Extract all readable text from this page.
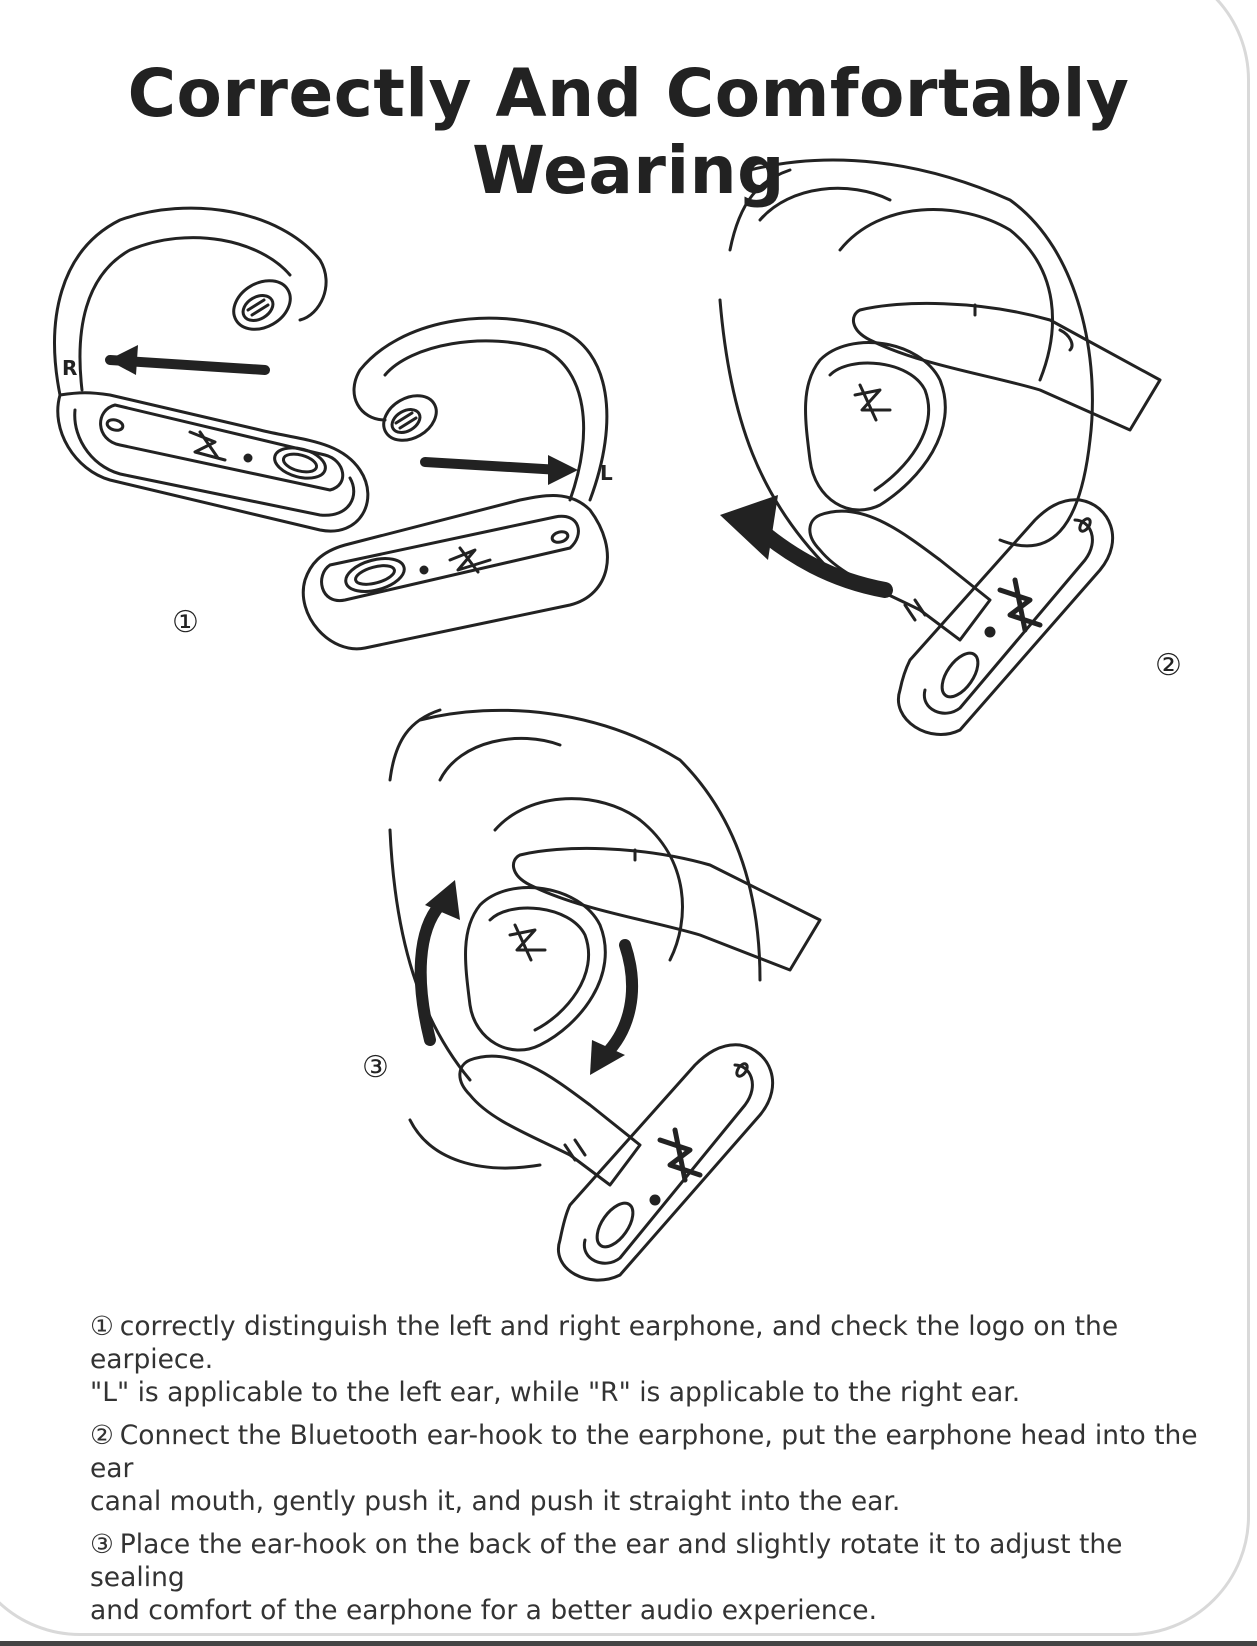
Correctly And Comfortably Wearing
R
L
①
②
③

① correctly distinguish the left and right earphone, and check the logo on the earpiece.
"L" is applicable to the left ear, while "R" is applicable to the right ear.

② Connect the Bluetooth ear-hook to the earphone, put the earphone head into the ear
canal mouth, gently push it, and push it straight into the ear.

③ Place the ear-hook on the back of the ear and slightly rotate it to adjust the sealing
and comfort of the earphone for a better audio experience.
